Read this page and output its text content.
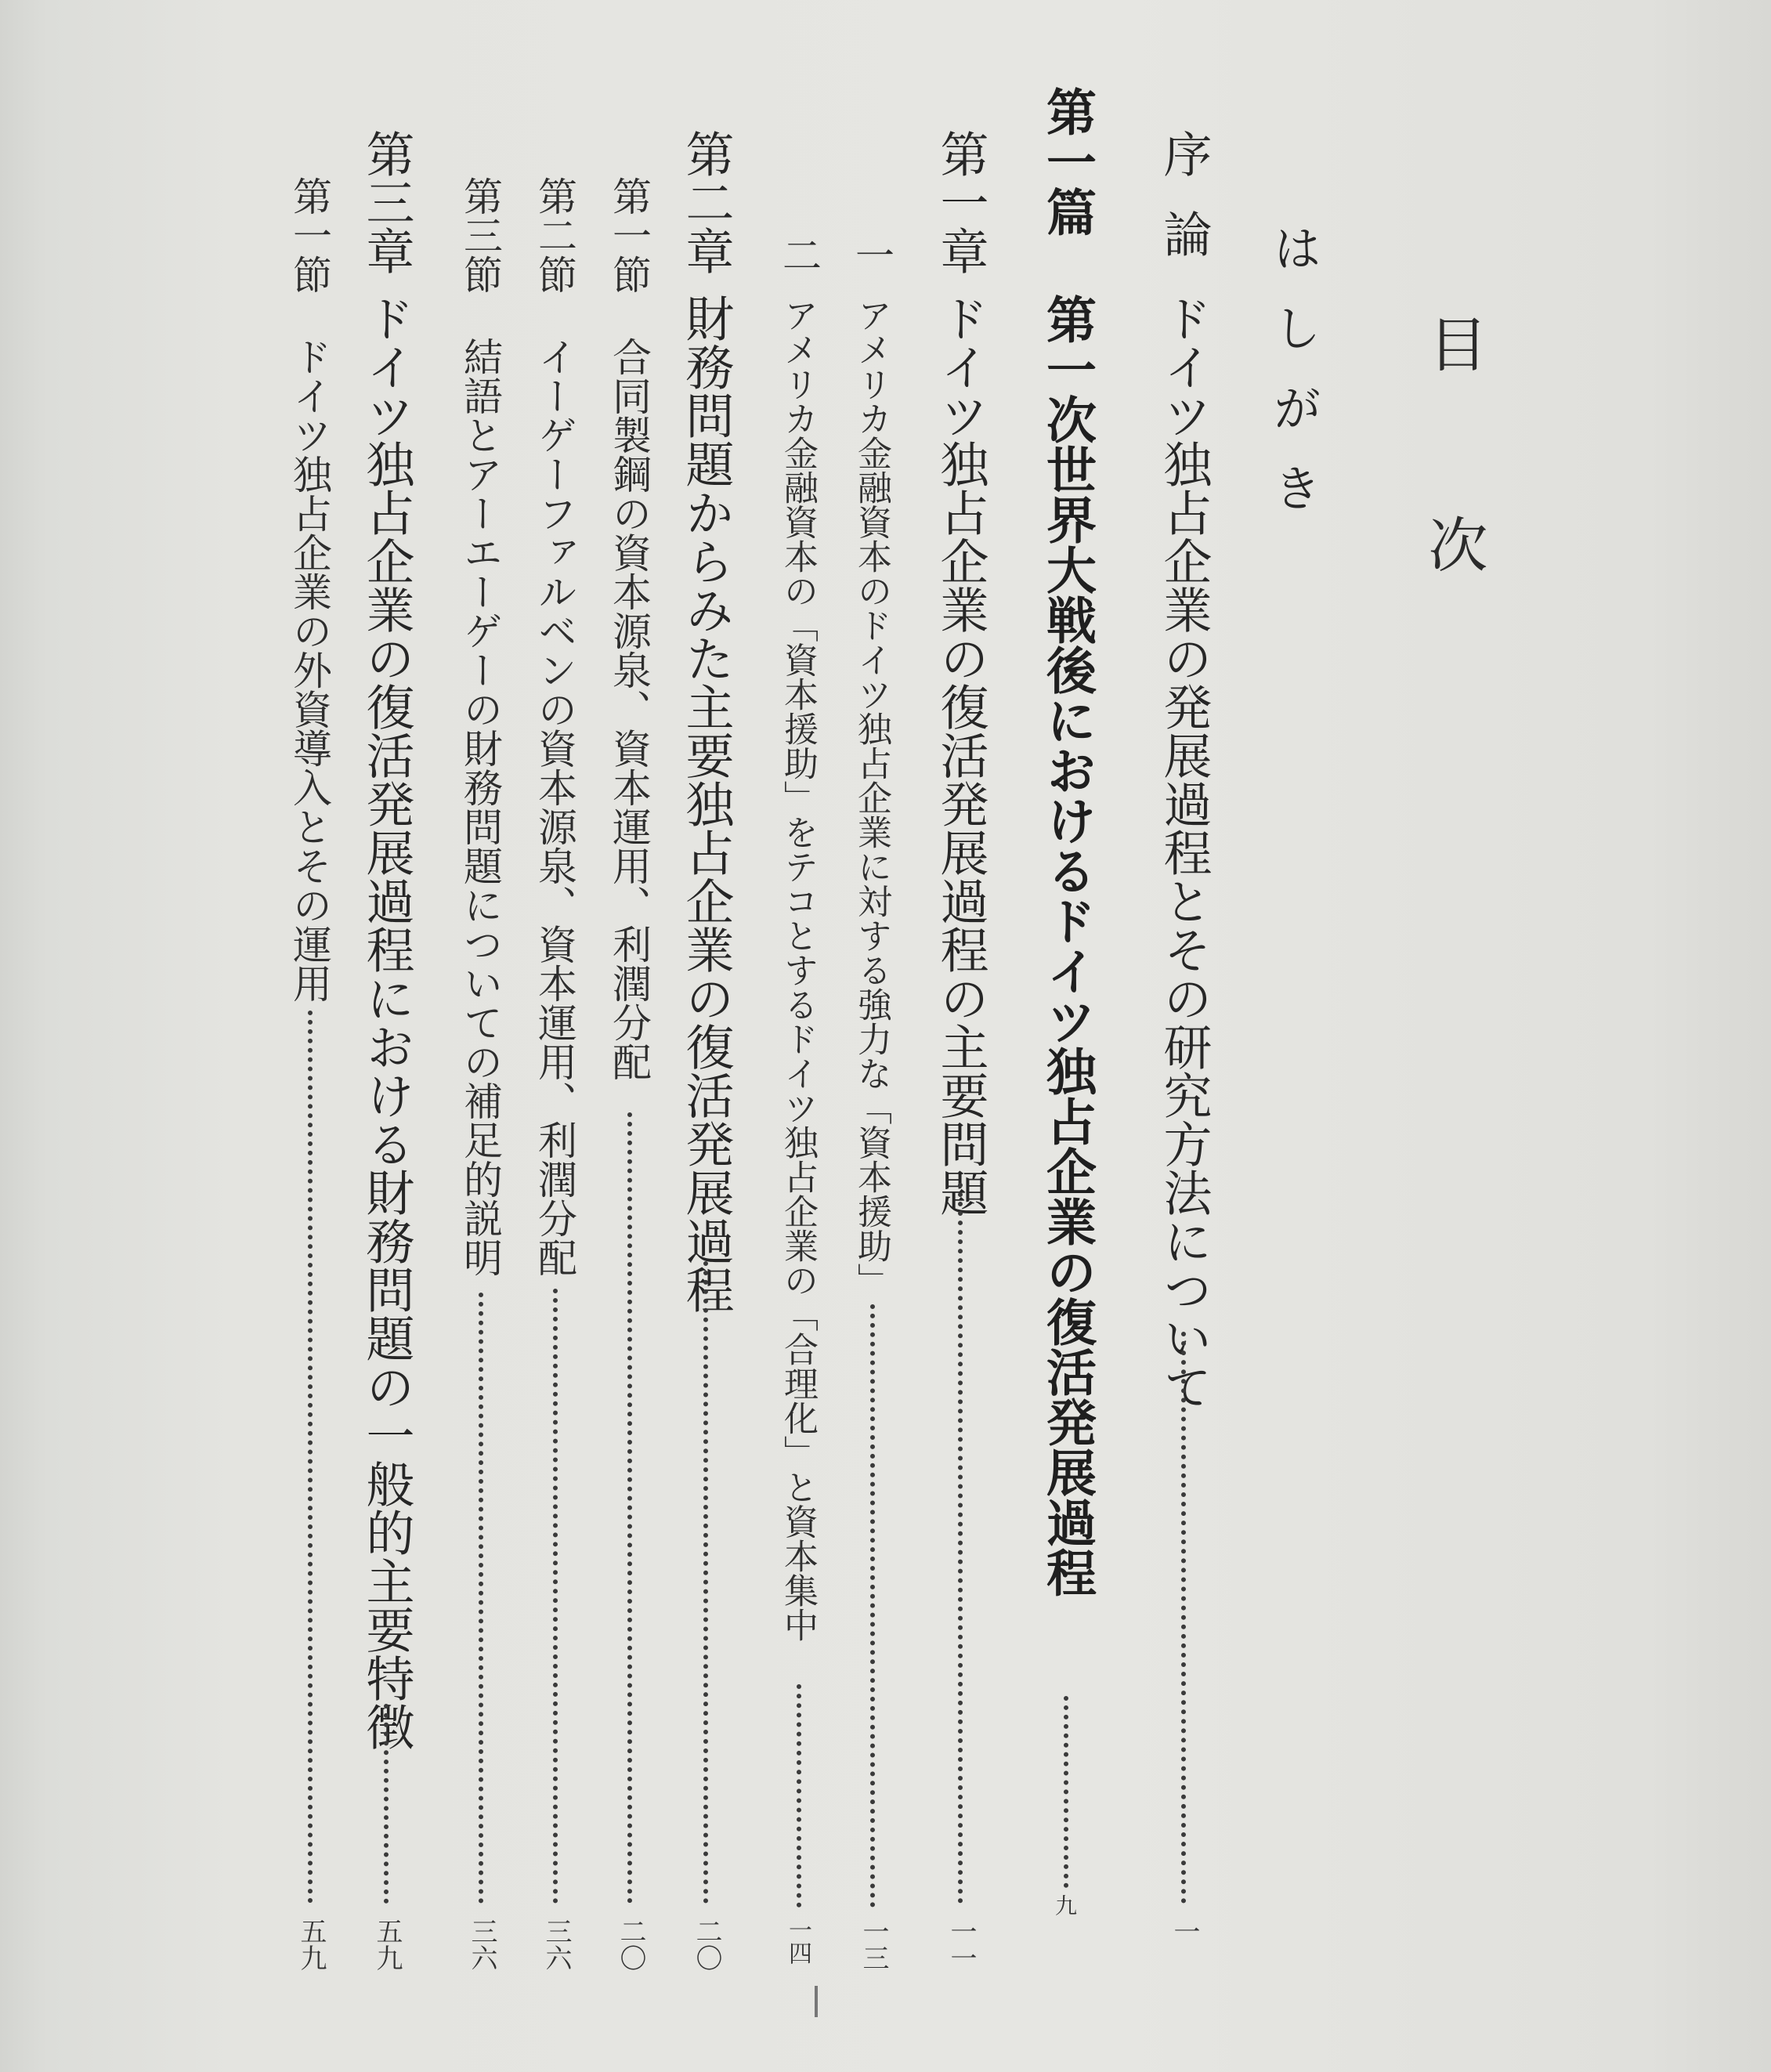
目次
はしがき
序論
ドイツ独占企業の発展過程とその研究方法について
一
第一篇
第一次世界大戦後におけるドイツ独占企業の復活発展過程
九
第一章
ドイツ独占企業の復活発展過程の主要問題
一一
一
アメリカ金融資本のドイツ独占企業に対する強力な「資本援助」
一三
二
アメリカ金融資本の「資本援助」をテコとするドイツ独占企業の「合理化」と資本集中
一四
第二章
財務問題からみた主要独占企業の復活発展過程
二〇
第一節
合同製鋼の資本源泉、資本運用、利潤分配
二〇
第二節
イーゲーファルベンの資本源泉、資本運用、利潤分配
三六
第三節
結語とアーエーゲーの財務問題についての補足的説明
三六
第三章
ドイツ独占企業の復活発展過程における財務問題の一般的主要特徴
五九
第一節
ドイツ独占企業の外資導入とその運用
五九
